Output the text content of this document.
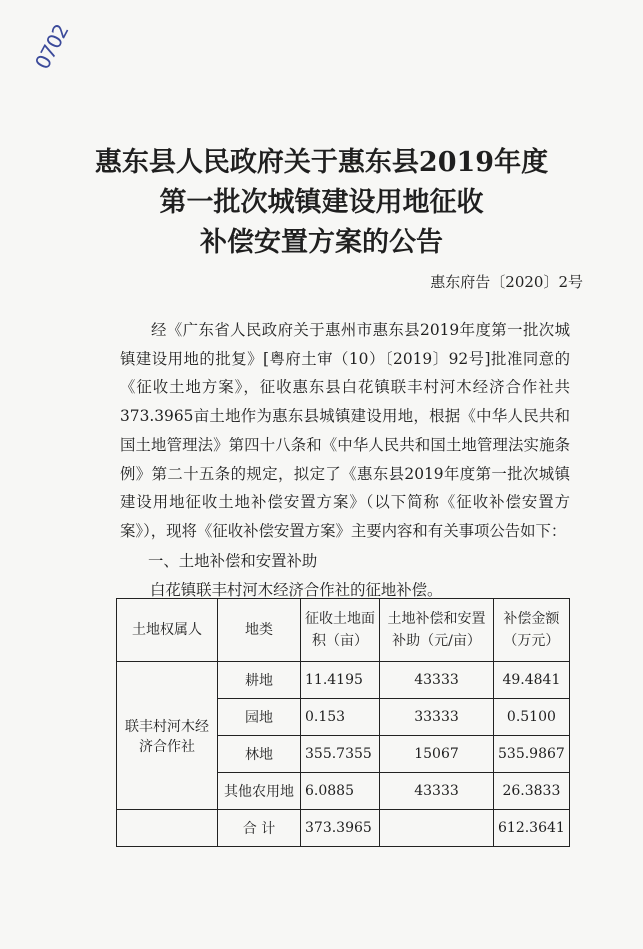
0702
惠东县人民政府关于惠东县2019年度
第一批次城镇建设用地征收
补偿安置方案的公告
惠东府告〔2020〕2号
经《广东省人民政府关于惠州市惠东县2019年度第一批次城镇建设用地的批复》[粤府土审（10）〔2019〕92号]批准同意的《征收土地方案》，征收惠东县白花镇联丰村河木经济合作社共373.3965亩土地作为惠东县城镇建设用地，根据《中华人民共和国土地管理法》第四十八条和《中华人民共和国土地管理法实施条例》第二十五条的规定，拟定了《惠东县2019年度第一批次城镇建设用地征收土地补偿安置方案》（以下简称《征收补偿安置方案》），现将《征收补偿安置方案》主要内容和有关事项公告如下：
一、土地补偿和安置补助
白花镇联丰村河木经济合作社的征地补偿。
土地权属人	地类	征收土地面积（亩）	土地补偿和安置补助（元/亩）	补偿金额（万元）
联丰村河木经济合作社	耕地	11.4195	43333	49.4841
	园地	0.153	33333	0.5100
	林地	355.7355	15067	535.9867
	其他农用地	6.0885	43333	26.3833
	合 计	373.3965		612.3641
